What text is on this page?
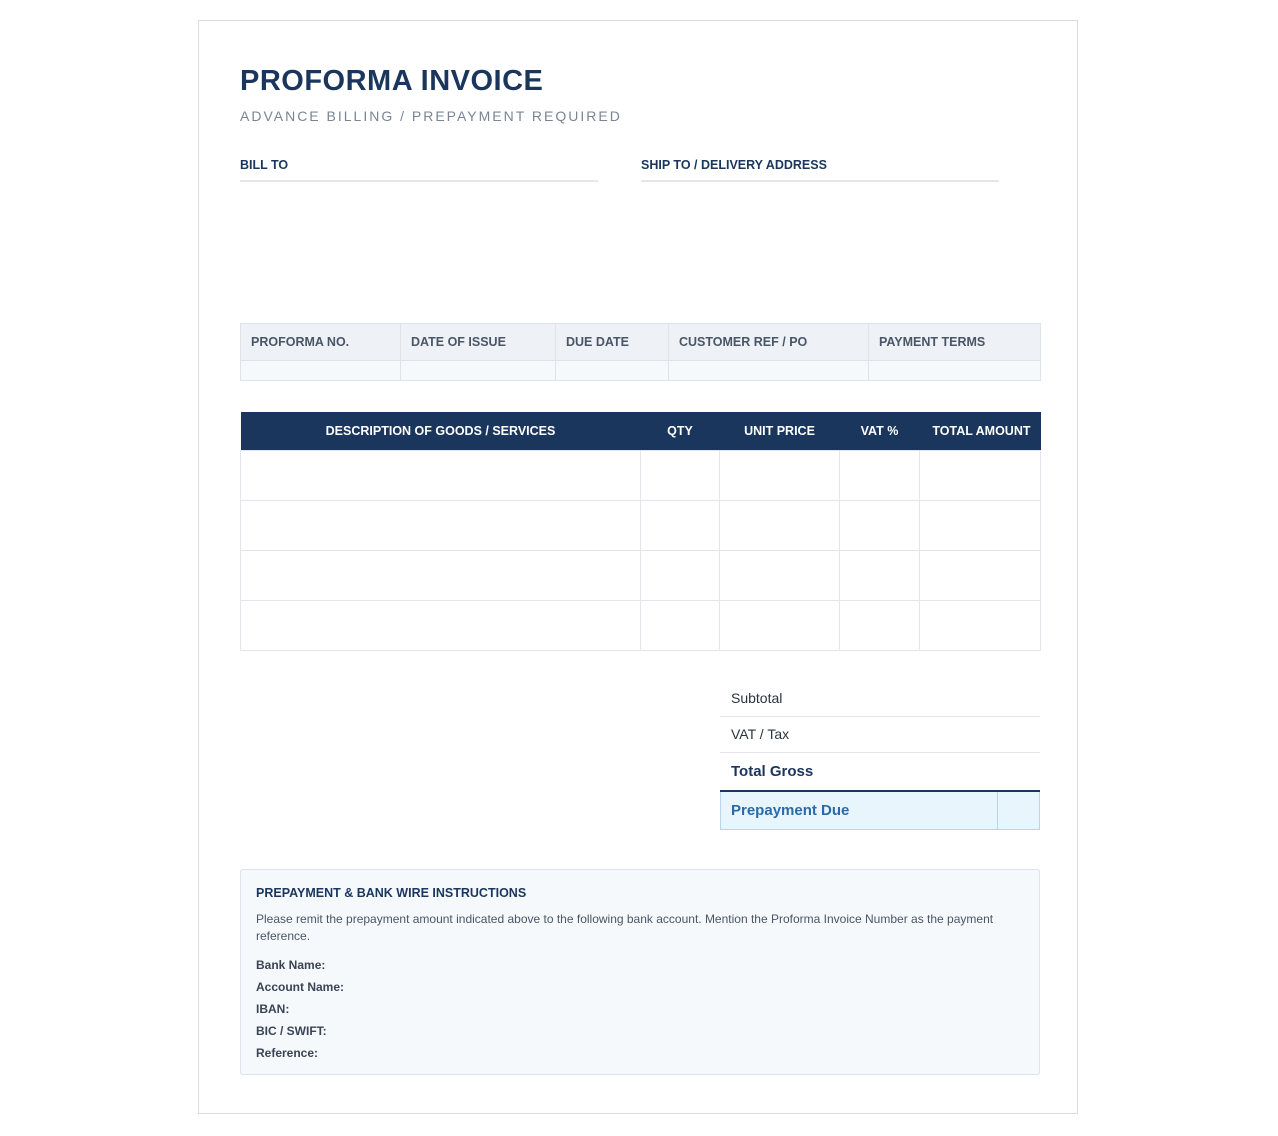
PROFORMA INVOICE
ADVANCE BILLING / PREPAYMENT REQUIRED
BILL TO	SHIP TO / DELIVERY ADDRESS
PROFORMA NO.	DATE OF ISSUE	DUE DATE	CUSTOMER REF / PO	PAYMENT TERMS

DESCRIPTION OF GOODS / SERVICES	QTY	UNIT PRICE	VAT %	TOTAL AMOUNT

Subtotal
VAT / Tax
Total Gross
Prepayment Due
PREPAYMENT & BANK WIRE INSTRUCTIONS
Please remit the prepayment amount indicated above to the following bank account. Mention the Proforma Invoice Number as the payment reference.
Bank Name:
Account Name:
IBAN:
BIC / SWIFT:
Reference:
